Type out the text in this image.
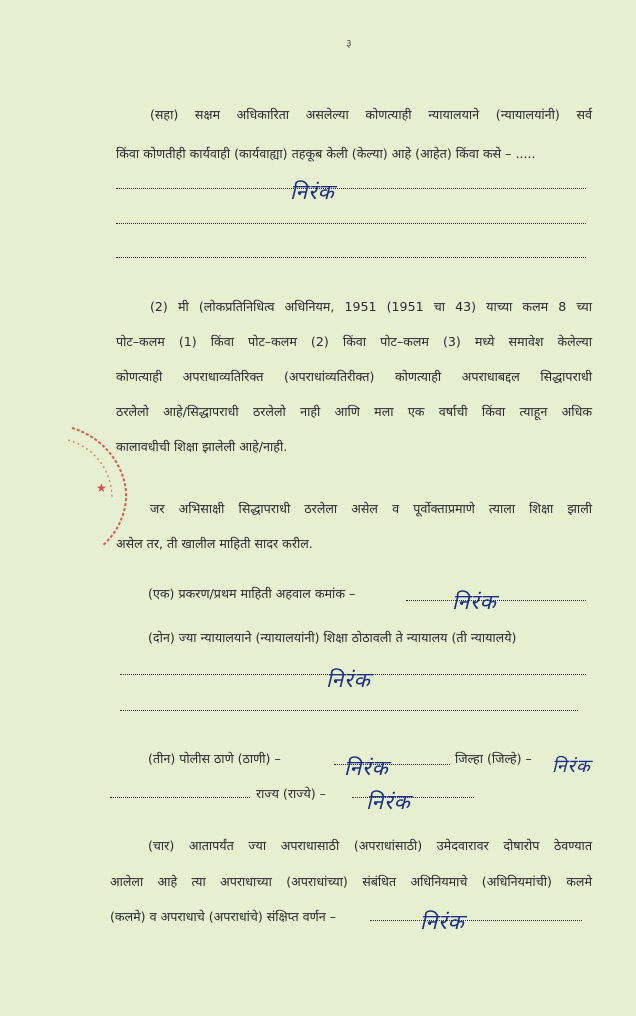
३
(सहा) सक्षम अधिकारिता असलेल्या कोणत्याही न्यायालयाने (न्यायालयांनी) सर्व
किंवा कोणतीही कार्यवाही (कार्यवाह्या) तहकूब केली (केल्या) आहे (आहेत) किंवा कसे – .....
निरंक
(2) मी (लोकप्रतिनिधित्व अधिनियम, 1951 (1951 चा 43) याच्या कलम 8 च्या
पोट–कलम (1) किंवा पोट–कलम (2) किंवा पोट–कलम (3) मध्ये समावेश केलेल्या
कोणत्याही अपराधाव्यतिरिक्त (अपराधांव्यतिरीक्त) कोणत्याही अपराधाबद्दल सिद्धापराधी
ठरलेलो आहे/सिद्धापराधी ठरलेलो नाही आणि मला एक वर्षाची किंवा त्याहून अधिक
कालावधीची शिक्षा झालेली आहे/नाही.
★
जर अभिसाक्षी सिद्धापराधी ठरलेला असेल व पूर्वोक्ताप्रमाणे त्याला शिक्षा झाली
असेल तर, ती खालील माहिती सादर करील.
(एक) प्रकरण/प्रथम माहिती अहवाल कमांक –	निरंक
(दोन) ज्या न्यायालयाने (न्यायालयांनी) शिक्षा ठोठावली ते न्यायालय (ती न्यायालये)
निरंक
(तीन) पोलीस ठाणे (ठाणी) –	निरंक	जिल्हा (जिल्हे) – निरंक
राज्य (राज्ये) – निरंक
(चार) आतापर्यंत ज्या अपराधासाठी (अपराधांसाठी) उमेदवारावर दोषारोप ठेवण्यात
आलेला आहे त्या अपराधाच्या (अपराधांच्या) संबंधित अधिनियमाचे (अधिनियमांची) कलमे
(कलमे) व अपराधाचे (अपराधांचे) संक्षिप्त वर्णन –	निरंक
